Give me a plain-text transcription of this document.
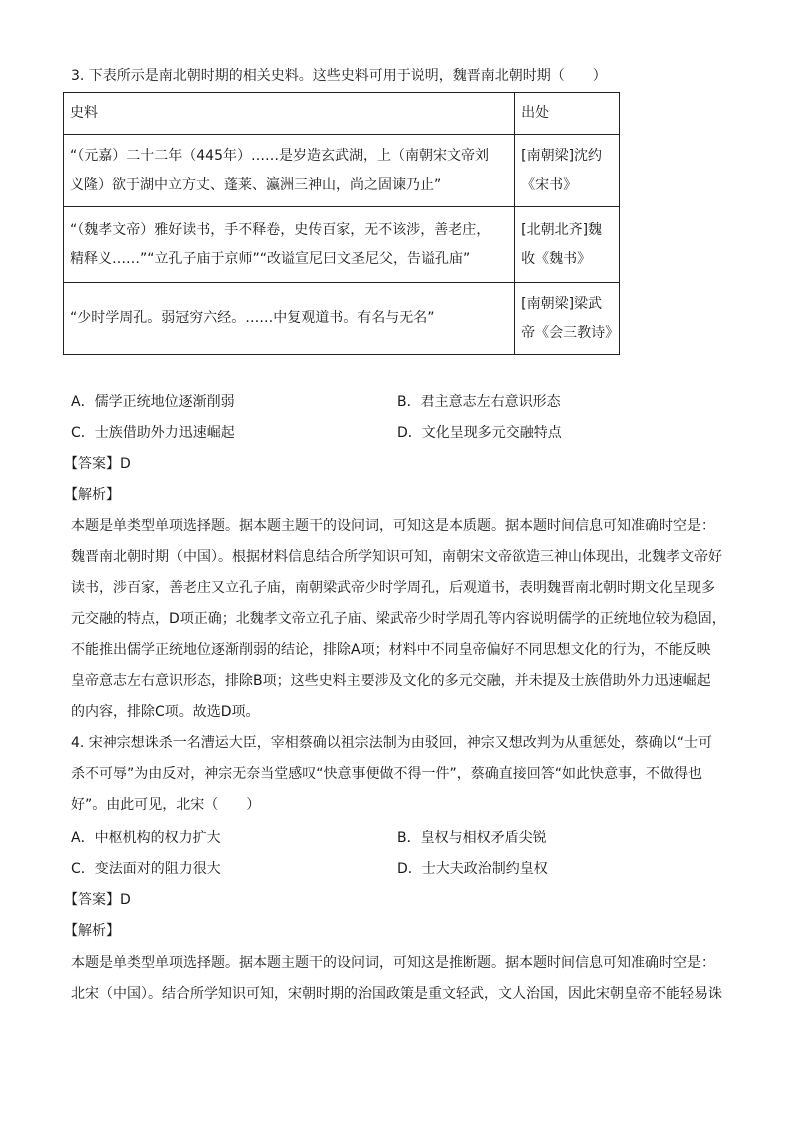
3. 下表所示是南北朝时期的相关史料。这些史料可用于说明，魏晋南北朝时期（　　）
史料	出处

“（元嘉）二十二年（445年）……是岁造玄武湖，上（南朝宋文帝刘
义隆）欲于湖中立方丈、蓬莱、瀛洲三神山，尚之固谏乃止”	[南朝梁]沈约
《宋书》

“（魏孝文帝）雅好读书，手不释卷，史传百家，无不该涉，善老庄，
精释义……”“立孔子庙于京师”“改谥宣尼曰文圣尼父，告谥孔庙”	[北朝北齐]魏
收《魏书》

“少时学周孔。弱冠穷六经。……中复观道书。有名与无名”	[南朝梁]梁武
帝《会三教诗》
A．儒学正统地位逐渐削弱	B．君主意志左右意识形态
C．士族借助外力迅速崛起	D．文化呈现多元交融特点
【答案】D
【解析】
本题是单类型单项选择题。据本题主题干的设问词，可知这是本质题。据本题时间信息可知准确时空是：
魏晋南北朝时期（中国）。根据材料信息结合所学知识可知，南朝宋文帝欲造三神山体现出，北魏孝文帝好
读书，涉百家，善老庄又立孔子庙，南朝梁武帝少时学周孔，后观道书，表明魏晋南北朝时期文化呈现多
元交融的特点，D项正确；北魏孝文帝立孔子庙、梁武帝少时学周孔等内容说明儒学的正统地位较为稳固，
不能推出儒学正统地位逐渐削弱的结论，排除A项；材料中不同皇帝偏好不同思想文化的行为，不能反映
皇帝意志左右意识形态，排除B项；这些史料主要涉及文化的多元交融，并未提及士族借助外力迅速崛起
的内容，排除C项。故选D项。
4. 宋神宗想诛杀一名漕运大臣，宰相蔡确以祖宗法制为由驳回，神宗又想改判为从重惩处，蔡确以“士可
杀不可辱”为由反对，神宗无奈当堂感叹“快意事便做不得一件”，蔡确直接回答“如此快意事，不做得也
好”。由此可见，北宋（　　）
A．中枢机构的权力扩大	B．皇权与相权矛盾尖锐
C．变法面对的阻力很大	D．士大夫政治制约皇权
【答案】D
【解析】
本题是单类型单项选择题。据本题主题干的设问词，可知这是推断题。据本题时间信息可知准确时空是：
北宋（中国）。结合所学知识可知，宋朝时期的治国政策是重文轻武，文人治国，因此宋朝皇帝不能轻易诛
